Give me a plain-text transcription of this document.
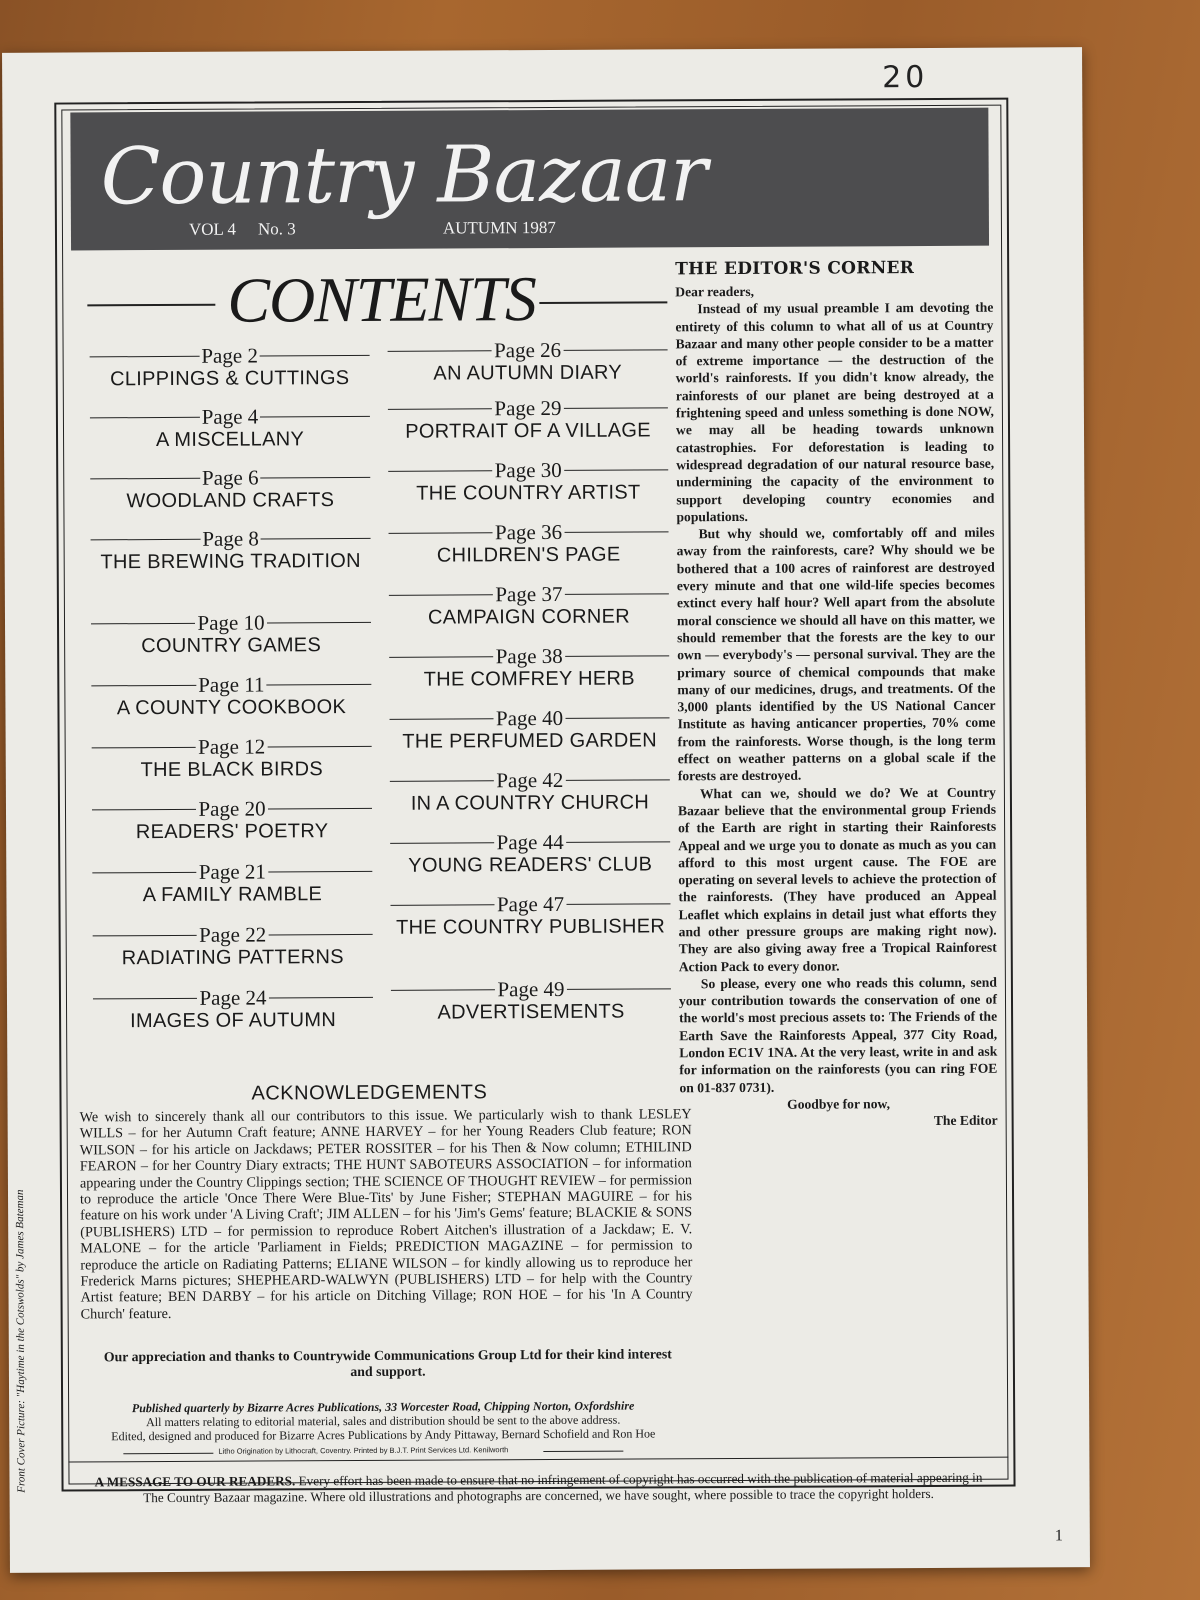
20
Country Bazaar
VOL 4 No. 3	AUTUMN 1987
CONTENTS
Page 2
CLIPPINGS & CUTTINGS
Page 4
A MISCELLANY
Page 6
WOODLAND CRAFTS
Page 8
THE BREWING TRADITION
Page 10
COUNTRY GAMES
Page 11
A COUNTY COOKBOOK
Page 12
THE BLACK BIRDS
Page 20
READERS' POETRY
Page 21
A FAMILY RAMBLE
Page 22
RADIATING PATTERNS
Page 24
IMAGES OF AUTUMN
Page 26
AN AUTUMN DIARY
Page 29
PORTRAIT OF A VILLAGE
Page 30
THE COUNTRY ARTIST
Page 36
CHILDREN'S PAGE
Page 37
CAMPAIGN CORNER
Page 38
THE COMFREY HERB
Page 40
THE PERFUMED GARDEN
Page 42
IN A COUNTRY CHURCH
Page 44
YOUNG READERS' CLUB
Page 47
THE COUNTRY PUBLISHER
Page 49
ADVERTISEMENTS
ACKNOWLEDGEMENTS
We wish to sincerely thank all our contributors to this issue. We particularly wish to thank LESLEY WILLS – for her Autumn Craft feature; ANNE HARVEY – for her Young Readers Club feature; RON WILSON – for his article on Jackdaws; PETER ROSSITER – for his Then & Now column; ETHILIND FEARON – for her Country Diary extracts; THE HUNT SABOTEURS ASSOCIATION – for information appearing under the Country Clippings section; THE SCIENCE OF THOUGHT REVIEW – for permission to reproduce the article 'Once There Were Blue-Tits' by June Fisher; STEPHAN MAGUIRE – for his feature on his work under 'A Living Craft'; JIM ALLEN – for his 'Jim's Gems' feature; BLACKIE & SONS (PUBLISHERS) LTD – for permission to reproduce Robert Aitchen's illustration of a Jackdaw; E. V. MALONE – for the article 'Parliament in Fields; PREDICTION MAGAZINE – for permission to reproduce the article on Radiating Patterns; ELIANE WILSON – for kindly allowing us to reproduce her Frederick Marns pictures; SHEPHEARD-WALWYN (PUBLISHERS) LTD – for help with the Country Artist feature; BEN DARBY – for his article on Ditching Village; RON HOE – for his 'In A Country Church' feature.
Our appreciation and thanks to Countrywide Communications Group Ltd for their kind interest and support.
Published quarterly by Bizarre Acres Publications, 33 Worcester Road, Chipping Norton, Oxfordshire
All matters relating to editorial material, sales and distribution should be sent to the above address.
Edited, designed and produced for Bizarre Acres Publications by Andy Pittaway, Bernard Schofield and Ron Hoe
Litho Origination by Lithocraft, Coventry. Printed by B.J.T. Print Services Ltd. Kenilworth
A MESSAGE TO OUR READERS. Every effort has been made to ensure that no infringement of copyright has occurred with the publication of material appearing in The Country Bazaar magazine. Where old illustrations and photographs are concerned, we have sought, where possible to trace the copyright holders.
THE EDITOR'S CORNER

Dear readers,

Instead of my usual preamble I am devoting the entirety of this column to what all of us at Country Bazaar and many other people consider to be a matter of extreme importance — the destruction of the world's rainforests. If you didn't know already, the rainforests of our planet are being destroyed at a frightening speed and unless something is done NOW, we may all be heading towards unknown catastrophies. For deforestation is leading to widespread degradation of our natural resource base, undermining the capacity of the environment to support developing country economies and populations.

But why should we, comfortably off and miles away from the rainforests, care? Why should we be bothered that a 100 acres of rainforest are destroyed every minute and that one wild-life species becomes extinct every half hour? Well apart from the absolute moral conscience we should all have on this matter, we should remember that the forests are the key to our own — everybody's — personal survival. They are the primary source of chemical compounds that make many of our medicines, drugs, and treatments. Of the 3,000 plants identified by the US National Cancer Institute as having anticancer properties, 70% come from the rainforests. Worse though, is the long term effect on weather patterns on a global scale if the forests are destroyed.

What can we, should we do? We at Country Bazaar believe that the environmental group Friends of the Earth are right in starting their Rainforests Appeal and we urge you to donate as much as you can afford to this most urgent cause. The FOE are operating on several levels to achieve the protection of the rainforests. (They have produced an Appeal Leaflet which explains in detail just what efforts they and other pressure groups are making right now). They are also giving away free a Tropical Rainforest Action Pack to every donor.

So please, every one who reads this column, send your contribution towards the conservation of one of the world's most precious assets to: The Friends of the Earth Save the Rainforests Appeal, 377 City Road, London EC1V 1NA. At the very least, write in and ask for information on the rainforests (you can ring FOE on 01-837 0731).

Goodbye for now,

The Editor

Front Cover Picture: "Haytime in the Cotswolds" by James Bateman
1
